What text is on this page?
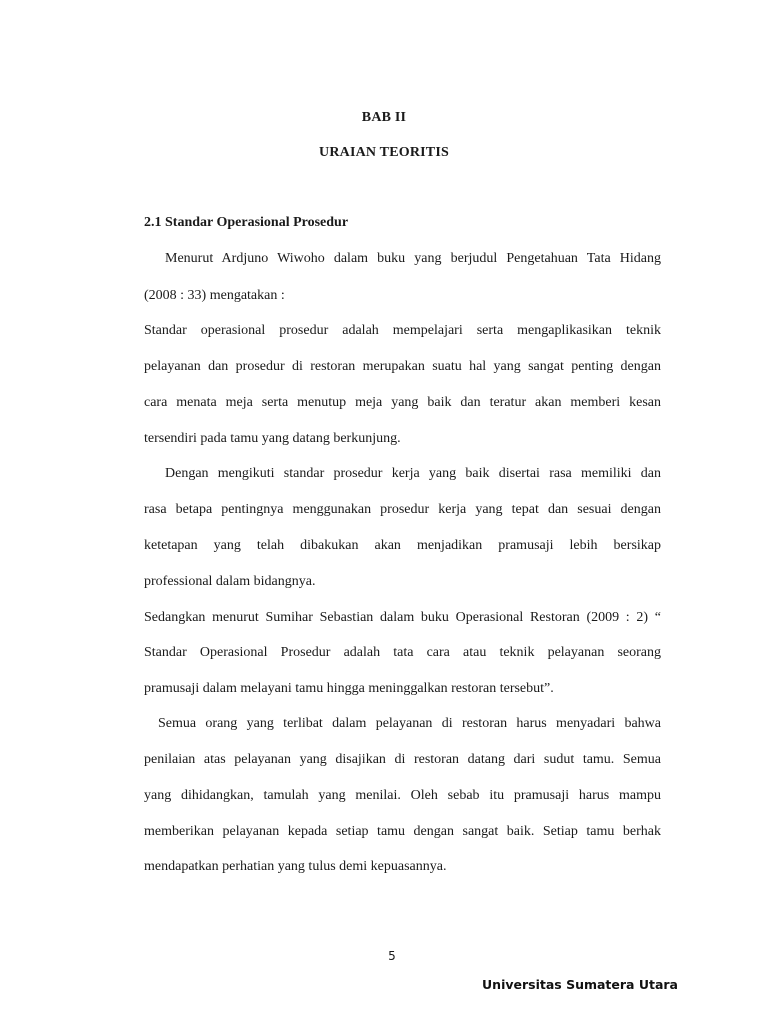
BAB II
URAIAN TEORITIS
2.1 Standar Operasional Prosedur
Menurut Ardjuno Wiwoho dalam buku yang berjudul Pengetahuan Tata Hidang
(2008 : 33) mengatakan :
Standar operasional prosedur adalah mempelajari serta mengaplikasikan teknik
pelayanan dan prosedur di restoran merupakan suatu hal yang sangat penting dengan
cara menata meja serta menutup meja yang baik dan teratur akan memberi kesan
tersendiri pada tamu yang datang berkunjung.
Dengan mengikuti standar prosedur kerja yang baik disertai rasa memiliki dan
rasa betapa pentingnya menggunakan prosedur kerja yang tepat dan sesuai dengan
ketetapan yang telah dibakukan akan menjadikan pramusaji lebih bersikap
professional dalam bidangnya.
Sedangkan menurut Sumihar Sebastian dalam buku Operasional Restoran (2009 : 2) “
Standar Operasional Prosedur adalah tata cara atau teknik pelayanan seorang
pramusaji dalam melayani tamu hingga meninggalkan restoran tersebut”.
Semua orang yang terlibat dalam pelayanan di restoran harus menyadari bahwa
penilaian atas pelayanan yang disajikan di restoran datang dari sudut tamu. Semua
yang dihidangkan, tamulah yang menilai. Oleh sebab itu pramusaji harus mampu
memberikan pelayanan kepada setiap tamu dengan sangat baik. Setiap tamu berhak
mendapatkan perhatian yang tulus demi kepuasannya.
5
Universitas Sumatera Utara
